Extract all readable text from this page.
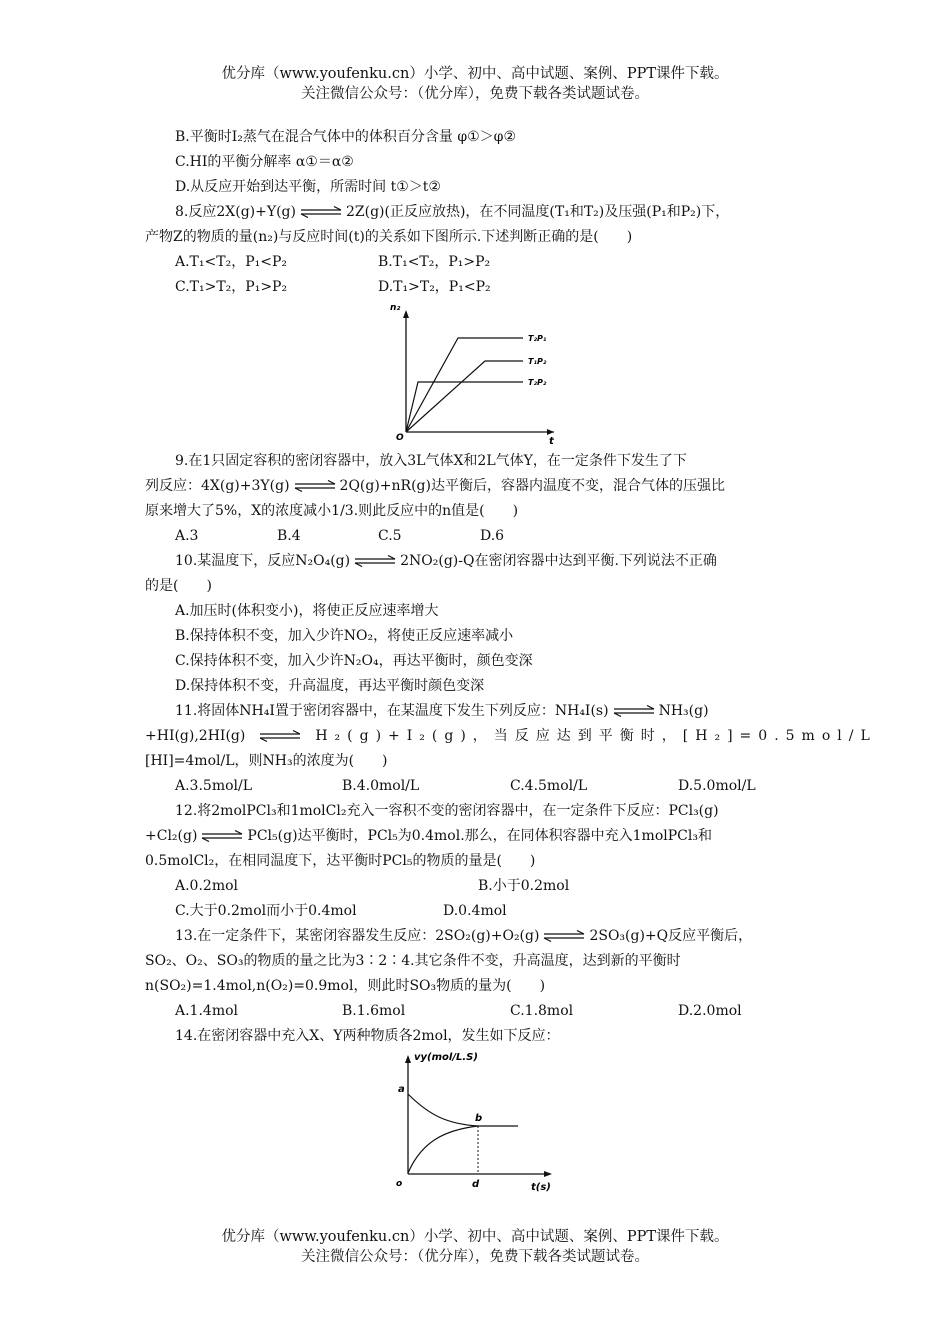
优分库（www.youfenku.cn）小学、初中、高中试题、案例、PPT课件下载。
关注微信公众号：（优分库），免费下载各类试题试卷。
B.平衡时I₂蒸气在混合气体中的体积百分含量 φ①＞φ②
C.HI的平衡分解率 α①＝α②
D.从反应开始到达平衡，所需时间 t①＞t②
8.反应2X(g)+Y(g)	2Z(g)(正反应放热)，在不同温度(T₁和T₂)及压强(P₁和P₂)下，
产物Z的物质的量(n₂)与反应时间(t)的关系如下图所示.下述判断正确的是(　　)
A.T₁<T₂，P₁<P₂	B.T₁<T₂，P₁>P₂
C.T₁>T₂，P₁>P₂	D.T₁>T₂，P₁<P₂
n₂
t
O
T₂P₁
T₁P₂
T₂P₂
9.在1只固定容积的密闭容器中，放入3L气体X和2L气体Y，在一定条件下发生了下
列反应：4X(g)+3Y(g)	2Q(g)+nR(g)达平衡后，容器内温度不变，混合气体的压强比
原来增大了5%，X的浓度减小1/3.则此反应中的n值是(　　)
A.3	B.4	C.5	D.6
10.某温度下，反应N₂O₄(g)	2NO₂(g)-Q在密闭容器中达到平衡.下列说法不正确
的是(　　)
A.加压时(体积变小)，将使正反应速率增大
B.保持体积不变，加入少许NO₂，将使正反应速率减小
C.保持体积不变，加入少许N₂O₄，再达平衡时，颜色变深
D.保持体积不变，升高温度，再达平衡时颜色变深
11.将固体NH₄I置于密闭容器中，在某温度下发生下列反应：NH₄I(s)	NH₃(g)
+HI(g),2HI(g)	H₂(g)+I₂(g)，当反应达到平衡时，[H₂]=0.5mol/L
[HI]=4mol/L，则NH₃的浓度为(　　)
A.3.5mol/L	B.4.0mol/L	C.4.5mol/L	D.5.0mol/L
12.将2molPCl₃和1molCl₂充入一容积不变的密闭容器中，在一定条件下反应：PCl₃(g)
+Cl₂(g)	PCl₅(g)达平衡时，PCl₅为0.4mol.那么，在同体积容器中充入1molPCl₃和
0.5molCl₂，在相同温度下，达平衡时PCl₅的物质的量是(　　)
A.0.2mol	B.小于0.2mol
C.大于0.2mol而小于0.4mol	D.0.4mol
13.在一定条件下，某密闭容器发生反应：2SO₂(g)+O₂(g)	2SO₃(g)+Q反应平衡后，
SO₂、O₂、SO₃的物质的量之比为3∶2∶4.其它条件不变，升高温度，达到新的平衡时
n(SO₂)=1.4mol,n(O₂)=0.9mol，则此时SO₃物质的量为(　　)
A.1.4mol	B.1.6mol	C.1.8mol	D.2.0mol
14.在密闭容器中充入X、Y两种物质各2mol，发生如下反应：
vy(mol/L.S)
t(s)
o
a
b
d
优分库（www.youfenku.cn）小学、初中、高中试题、案例、PPT课件下载。
关注微信公众号：（优分库），免费下载各类试题试卷。
